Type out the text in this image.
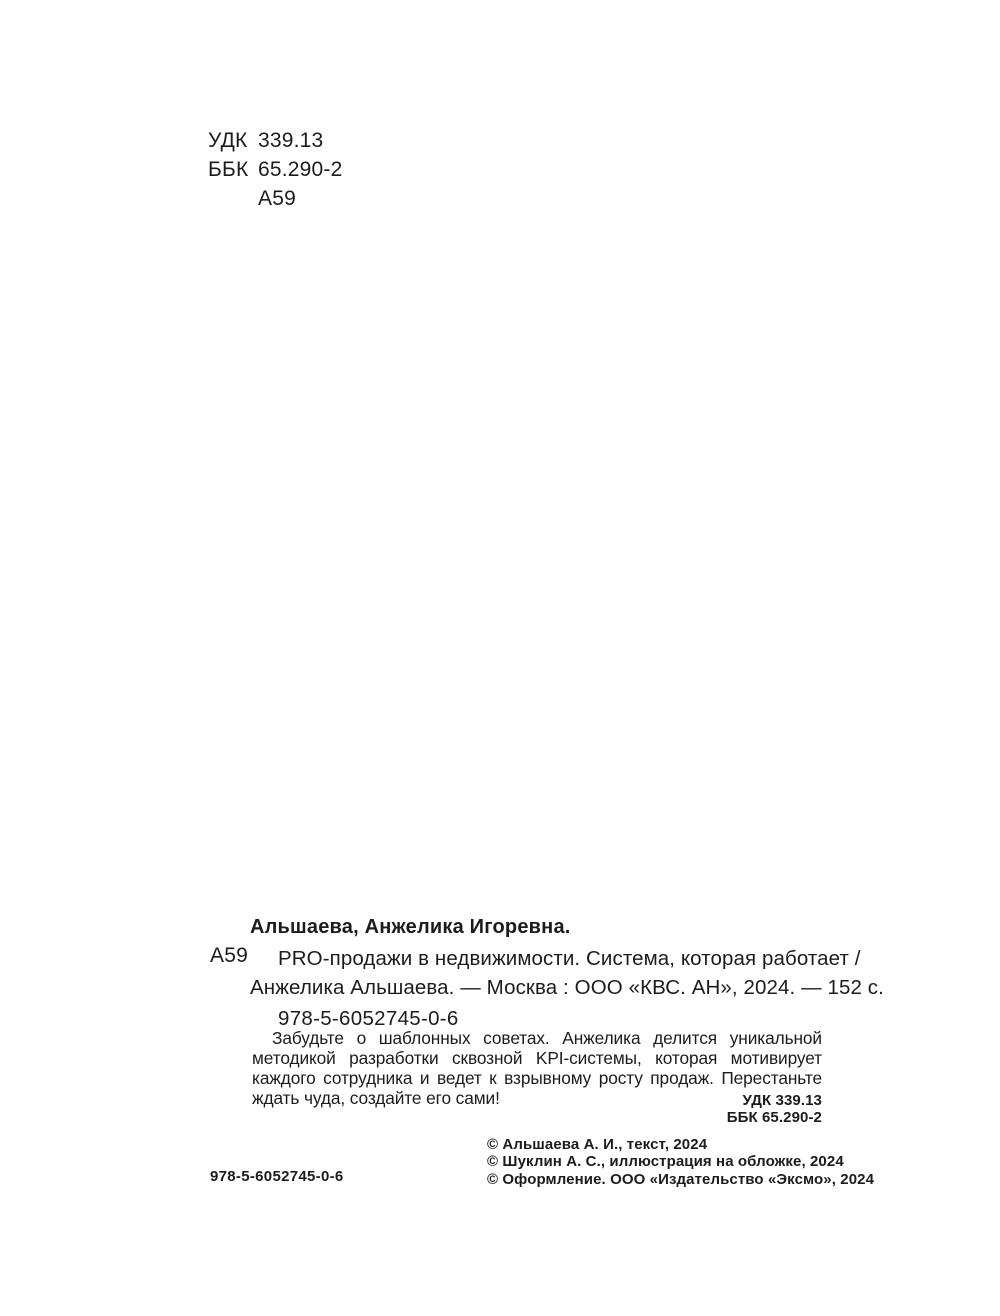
УДК 339.13
ББК 65.290-2
А59
Альшаева, Анжелика Игоревна.
А59	PRO-продажи в недвижимости. Система, которая работает /
Анжелика Альшаева. — Москва : ООО «КВС. АН», 2024. — 152 с.
978-5-6052745-0-6
Забудьте о шаблонных советах. Анжелика делится уникальной методикой разработки сквозной KPI-системы, которая мотивирует каждого сотрудника и ведет к взрывному росту продаж. Перестаньте ждать чуда, создайте его сами!	УДК 339.13
ББК 65.290-2
© Альшаева А. И., текст, 2024
© Шуклин А. С., иллюстрация на обложке, 2024
© Оформление. ООО «Издательство «Эксмо», 2024
978-5-6052745-0-6
